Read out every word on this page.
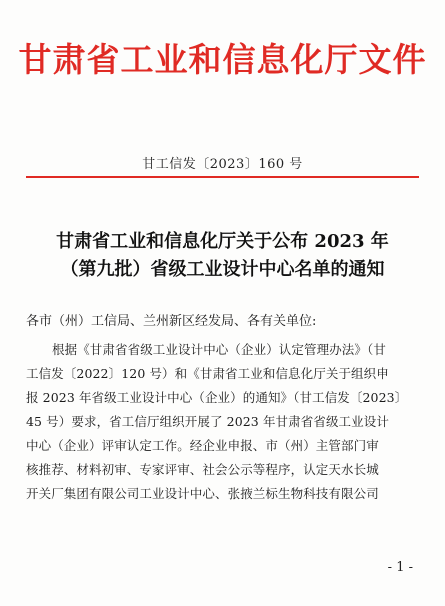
甘肃省工业和信息化厅文件
甘工信发〔2023〕160 号
甘肃省工业和信息化厅关于公布 2023 年
（第九批）省级工业设计中心名单的通知
各市（州）工信局、兰州新区经发局、各有关单位:
根据《甘肃省省级工业设计中心（企业）认定管理办法》（甘
工信发〔2022〕120 号）和《甘肃省工业和信息化厅关于组织申
报 2023 年省级工业设计中心（企业）的通知》（甘工信发〔2023〕
45 号）要求，省工信厅组织开展了 2023 年甘肃省省级工业设计
中心（企业）评审认定工作。经企业申报、市（州）主管部门审
核推荐、材料初审、专家评审、社会公示等程序，认定天水长城
开关厂集团有限公司工业设计中心、张掖兰标生物科技有限公司
- 1 -
